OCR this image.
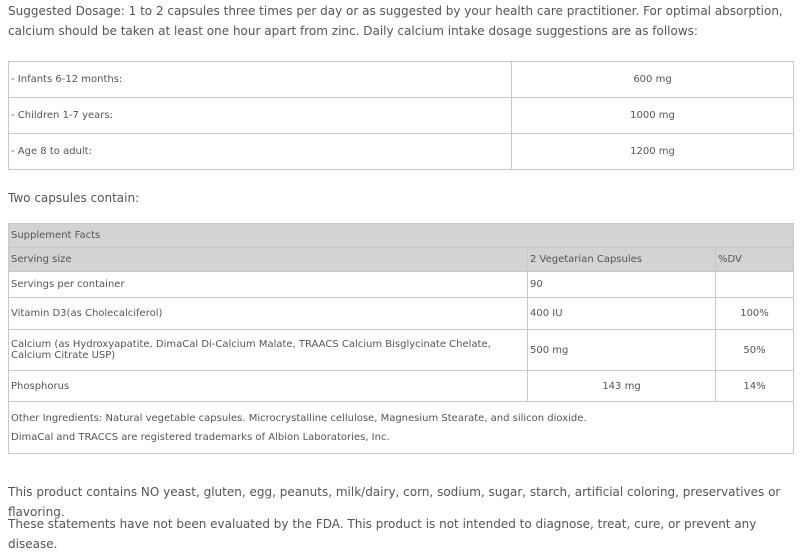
Suggested Dosage: 1 to 2 capsules three times per day or as suggested by your health care practitioner. For optimal absorption, calcium should be taken at least one hour apart from zinc. Daily calcium intake dosage suggestions are as follows:

- Infants 6-12 months:	600 mg
- Children 1-7 years:	1000 mg
- Age 8 to adult:	1200 mg

Two capsules contain:

Supplement Facts		
Serving size	2 Vegetarian Capsules	%DV
Servings per container	90	
Vitamin D3(as Cholecalciferol)	400 IU	100%
Calcium (as Hydroxyapatite, DimaCal Di-Calcium Malate, TRAACS Calcium Bisglycinate Chelate, Calcium Citrate USP)	500 mg	50%
Phosphorus	143 mg	14%

Other Ingredients: Natural vegetable capsules. Microcrystalline cellulose, Magnesium Stearate, and silicon dioxide.
DimaCal and TRACCS are registered trademarks of Albion Laboratories, Inc.		

This product contains NO yeast, gluten, egg, peanuts, milk/dairy, corn, sodium, sugar, starch, artificial coloring, preservatives or flavoring.

These statements have not been evaluated by the FDA. This product is not intended to diagnose, treat, cure, or prevent any disease.
